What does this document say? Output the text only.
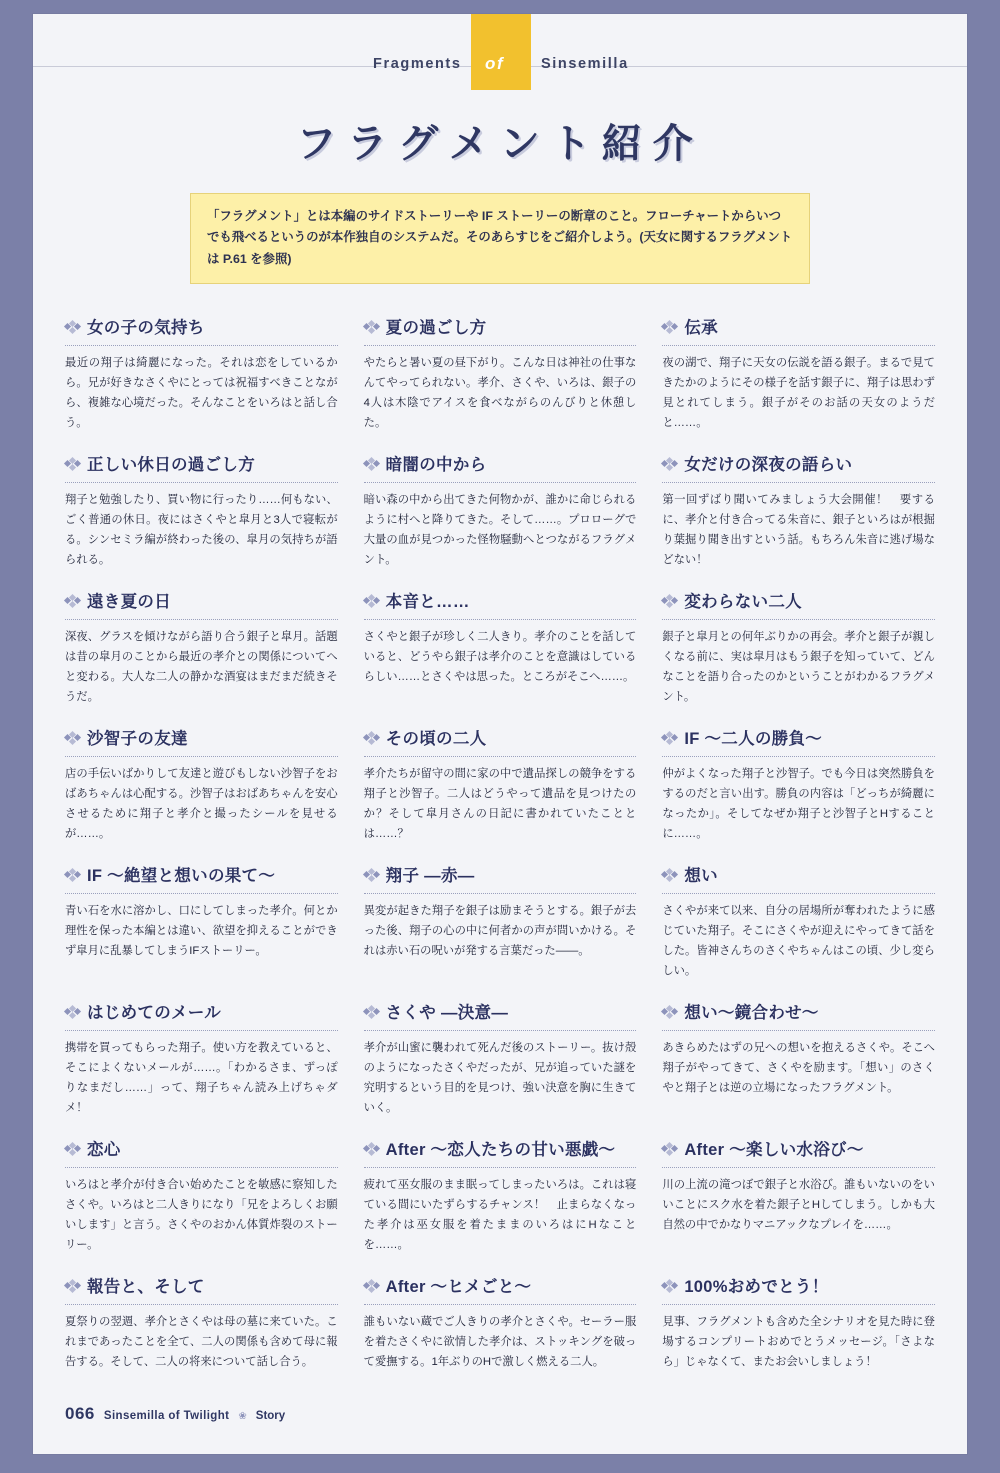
Fragments of	Sinsemilla
フラグメント紹介
「フラグメント」とは本編のサイドストーリーや IF ストーリーの断章のこと。フローチャートからいつでも飛べるというのが本作独自のシステムだ。そのあらすじをご紹介しよう。(天女に関するフラグメントは P.61 を参照)
女の子の気持ち
最近の翔子は綺麗になった。それは恋をしているから。兄が好きなさくやにとっては祝福すべきことながら、複雑な心境だった。そんなことをいろはと話し合う。
夏の過ごし方
やたらと暑い夏の昼下がり。こんな日は神社の仕事なんてやってられない。孝介、さくや、いろは、銀子の4人は木陰でアイスを食べながらのんびりと休憩した。
伝承
夜の湖で、翔子に天女の伝説を語る銀子。まるで見てきたかのようにその様子を話す銀子に、翔子は思わず見とれてしまう。銀子がそのお話の天女のようだと……。
正しい休日の過ごし方
翔子と勉強したり、買い物に行ったり……何もない、ごく普通の休日。夜にはさくやと皐月と3人で寝転がる。シンセミラ編が終わった後の、皐月の気持ちが語られる。
暗闇の中から
暗い森の中から出てきた何物かが、誰かに命じられるように村へと降りてきた。そして……。プロローグで大量の血が見つかった怪物騒動へとつながるフラグメント。
女だけの深夜の語らい
第一回ずばり聞いてみましょう大会開催！　要するに、孝介と付き合ってる朱音に、銀子といろはが根掘り葉掘り聞き出すという話。もちろん朱音に逃げ場などない！
遠き夏の日
深夜、グラスを傾けながら語り合う銀子と皐月。話題は昔の皐月のことから最近の孝介との関係についてへと変わる。大人な二人の静かな酒宴はまだまだ続きそうだ。
本音と……
さくやと銀子が珍しく二人きり。孝介のことを話していると、どうやら銀子は孝介のことを意識はしているらしい……とさくやは思った。ところがそこへ……。
変わらない二人
銀子と皐月との何年ぶりかの再会。孝介と銀子が親しくなる前に、実は皐月はもう銀子を知っていて、どんなことを語り合ったのかということがわかるフラグメント。
沙智子の友達
店の手伝いばかりして友達と遊びもしない沙智子をおばあちゃんは心配する。沙智子はおばあちゃんを安心させるために翔子と孝介と撮ったシールを見せるが……。
その頃の二人
孝介たちが留守の間に家の中で遺品探しの競争をする翔子と沙智子。二人はどうやって遺品を見つけたのか？そして皐月さんの日記に書かれていたこととは……？
IF ～二人の勝負～
仲がよくなった翔子と沙智子。でも今日は突然勝負をするのだと言い出す。勝負の内容は「どっちが綺麗になったか」。そしてなぜか翔子と沙智子とHすることに……。
IF ～絶望と想いの果て～
青い石を水に溶かし、口にしてしまった孝介。何とか理性を保った本編とは違い、欲望を抑えることができず皐月に乱暴してしまうIFストーリー。
翔子 ―赤―
異変が起きた翔子を銀子は励まそうとする。銀子が去った後、翔子の心の中に何者かの声が問いかける。それは赤い石の呪いが発する言葉だった――。
想い
さくやが来て以来、自分の居場所が奪われたように感じていた翔子。そこにさくやが迎えにやってきて話をした。皆神さんちのさくやちゃんはこの頃、少し変らしい。
はじめてのメール
携帯を買ってもらった翔子。使い方を教えていると、そこによくないメールが……。「わかるさま、ずっぽりなまだし……」って、翔子ちゃん読み上げちゃダメ！
さくや ―決意―
孝介が山蜜に襲われて死んだ後のストーリー。抜け殻のようになったさくやだったが、兄が追っていた謎を究明するという目的を見つけ、強い決意を胸に生きていく。
想い～鏡合わせ～
あきらめたはずの兄への想いを抱えるさくや。そこへ翔子がやってきて、さくやを励ます。「想い」のさくやと翔子とは逆の立場になったフラグメント。
恋心
いろはと孝介が付き合い始めたことを敏感に察知したさくや。いろはと二人きりになり「兄をよろしくお願いします」と言う。さくやのおかん体質炸裂のストーリー。
After ～恋人たちの甘い悪戯～
疲れて巫女服のまま眠ってしまったいろは。これは寝ている間にいたずらするチャンス！　止まらなくなった孝介は巫女服を着たままのいろはにHなことを……。
After ～楽しい水浴び～
川の上流の滝つぼで銀子と水浴び。誰もいないのをいいことにスク水を着た銀子とHしてしまう。しかも大自然の中でかなりマニアックなプレイを……。
報告と、そして
夏祭りの翌週、孝介とさくやは母の墓に来ていた。これまであったことを全て、二人の関係も含めて母に報告する。そして、二人の将来について話し合う。
After ～ヒメごと～
誰もいない蔵でご人きりの孝介とさくや。セーラー服を着たさくやに欲情した孝介は、ストッキングを破って愛撫する。1年ぶりのHで激しく燃える二人。
100%おめでとう！
見事、フラグメントも含めた全シナリオを見た時に登場するコンプリートおめでとうメッセージ。「さよなら」じゃなくて、またお会いしましょう！
066 Sinsemilla of Twilight ❀ Story
